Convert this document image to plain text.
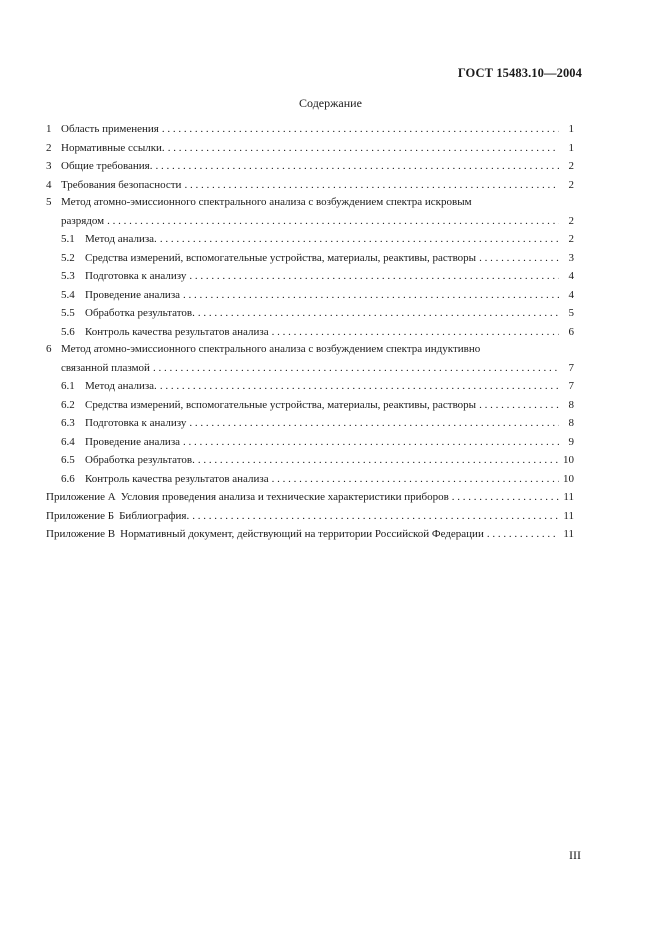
ГОСТ 15483.10—2004
Содержание
1 Область применения . . .	1
2 Нормативные ссылки. . . .	1
3 Общие требования. . . .	2
4 Требования безопасности . . .	2
5 Метод атомно-эмиссионного спектрального анализа с возбуждением спектра искровым
разрядом . . .	2
5.1 Метод анализа. . . .	2
5.2 Средства измерений, вспомогательные устройства, материалы, реактивы, растворы . . .	3
5.3 Подготовка к анализу . . .	4
5.4 Проведение анализа . . .	4
5.5 Обработка результатов. . . .	5
5.6 Контроль качества результатов анализа . . .	6
6 Метод атомно-эмиссионного спектрального анализа с возбуждением спектра индуктивно
связанной плазмой . . .	7
6.1 Метод анализа. . . .	7
6.2 Средства измерений, вспомогательные устройства, материалы, реактивы, растворы . . .	8
6.3 Подготовка к анализу . . .	8
6.4 Проведение анализа . . .	9
6.5 Обработка результатов. . . .	10
6.6 Контроль качества результатов анализа . . .	10
Приложение А Условия проведения анализа и технические характеристики приборов . . .	11
Приложение Б Библиография. . . .	11
Приложение В Нормативный документ, действующий на территории Российской Федерации . . .	11
III
